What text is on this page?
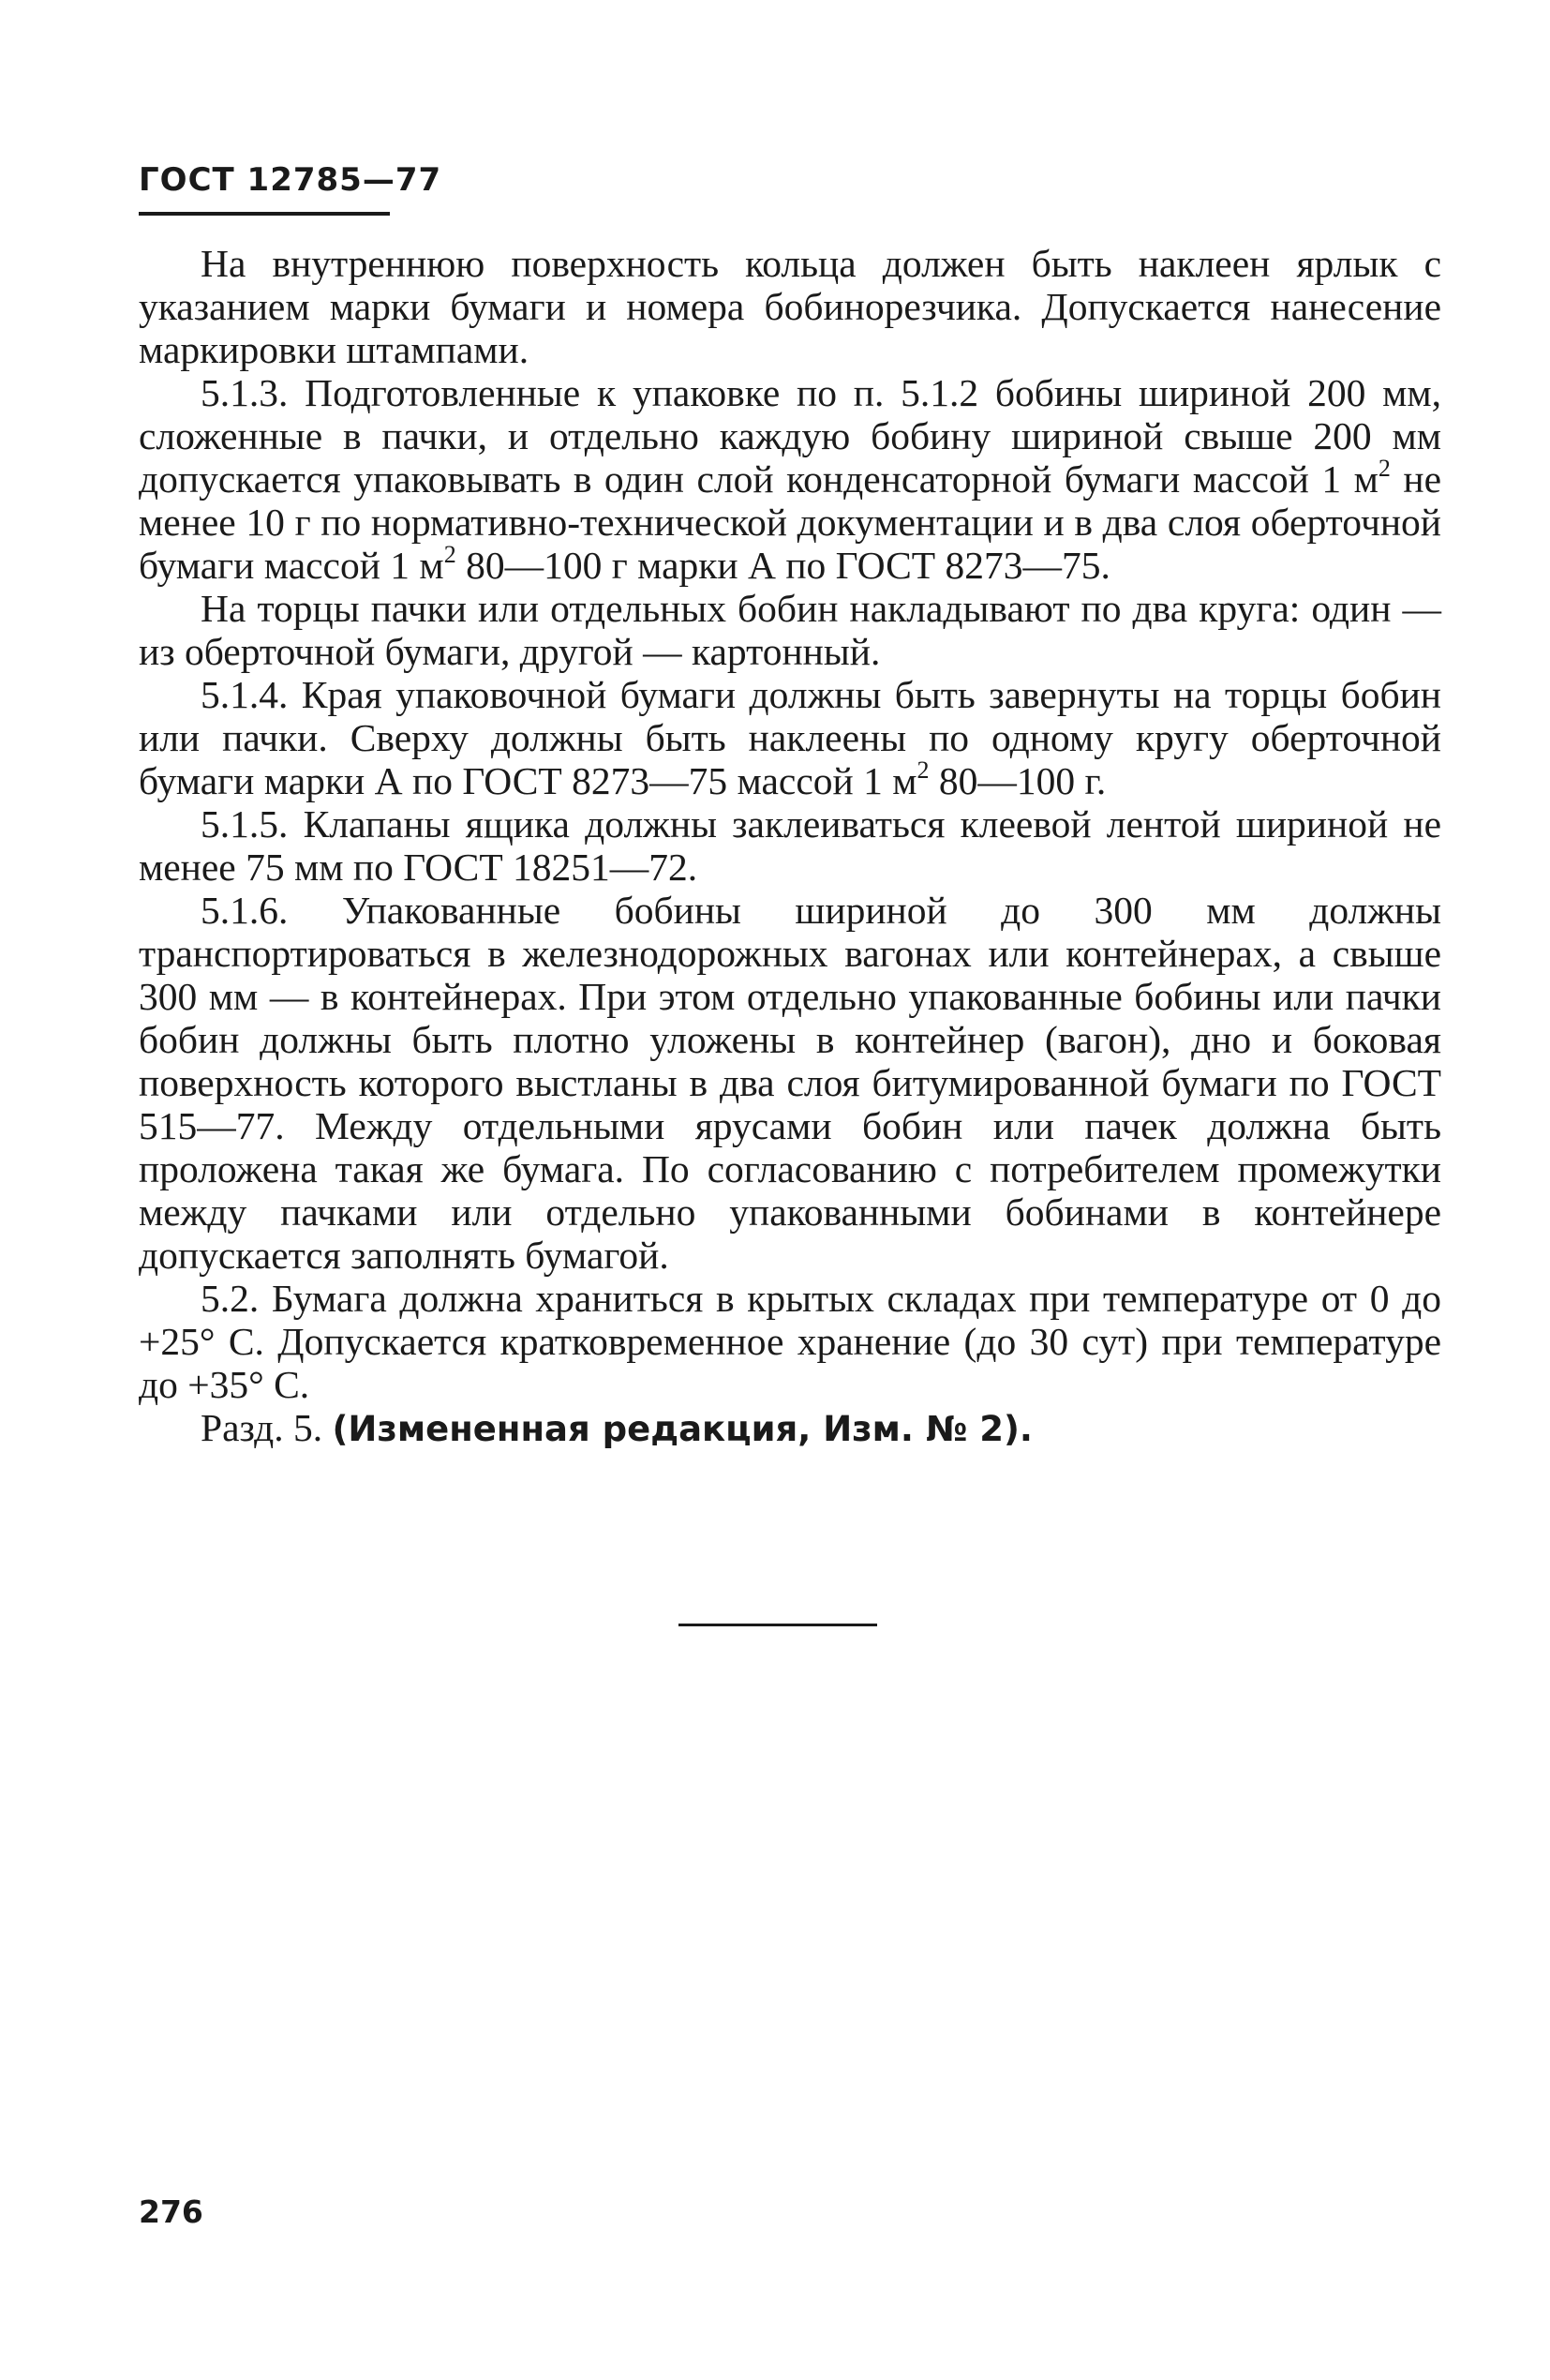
ГОСТ 12785—77

На внутреннюю поверхность кольца должен быть наклеен ярлык с указанием марки бумаги и номера бобинорезчика. Допускается нанесение маркировки штампами.

5.1.3. Подготовленные к упаковке по п. 5.1.2 бобины шириной 200 мм, сложенные в пачки, и отдельно каждую бобину шириной свыше 200 мм допускается упаковывать в один слой конденсаторной бумаги массой 1 $м^2$ не менее 10 г по нормативно-технической документации и в два слоя оберточной бумаги массой 1 $м^2$ 80—100 г марки А по ГОСТ 8273—75.

На торцы пачки или отдельных бобин накладывают по два круга: один — из оберточной бумаги, другой — картонный.

5.1.4. Края упаковочной бумаги должны быть завернуты на торцы бобин или пачки. Сверху должны быть наклеены по одному кругу оберточной бумаги марки А по ГОСТ 8273—75 массой 1 $м^2$ 80—100 г.

5.1.5. Клапаны ящика должны заклеиваться клеевой лентой шириной не менее 75 мм по ГОСТ 18251—72.

5.1.6. Упакованные бобины шириной до 300 мм должны транспортироваться в железнодорожных вагонах или контейнерах, а свыше 300 мм — в контейнерах. При этом отдельно упакованные бобины или пачки бобин должны быть плотно уложены в контейнер (вагон), дно и боковая поверхность которого выстланы в два слоя битумированной бумаги по ГОСТ 515—77. Между отдельными ярусами бобин или пачек должна быть проложена такая же бумага. По согласованию с потребителем промежутки между пачками или отдельно упакованными бобинами в контейнере допускается заполнять бумагой.

5.2. Бумага должна храниться в крытых складах при температуре от 0 до +25° С. Допускается кратковременное хранение (до 30 сут) при температуре до +35° С.

Разд. 5. (Измененная редакция, Изм. № 2).

276
